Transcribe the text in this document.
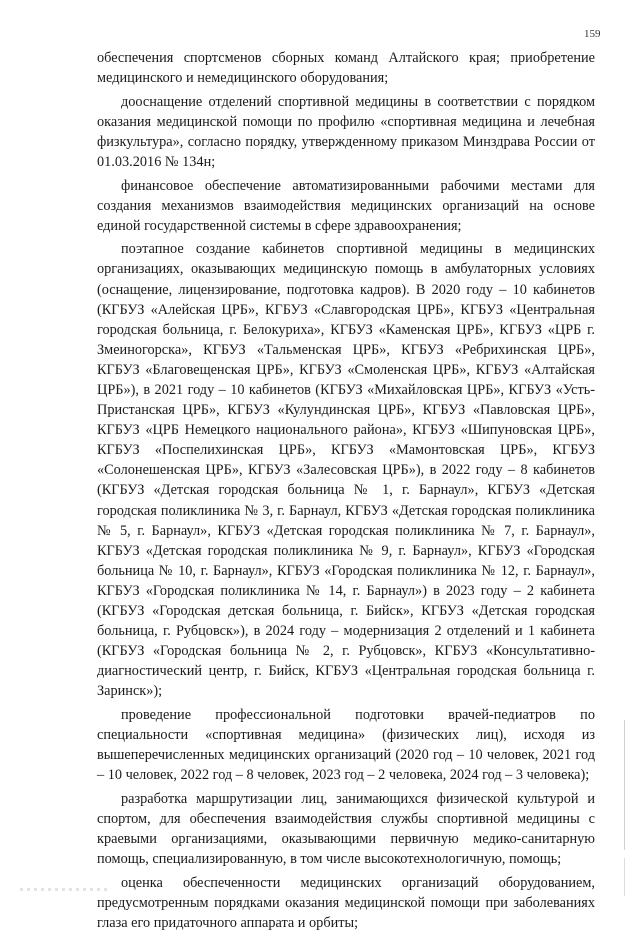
159

обеспечения спортсменов сборных команд Алтайского края; приобретение медицинского и немедицинского оборудования;

дооснащение отделений спортивной медицины в соответствии с порядком оказания медицинской помощи по профилю «спортивная медицина и лечебная физкультура», согласно порядку, утвержденному приказом Минздрава России от 01.03.2016 № 134н;

финансовое обеспечение автоматизированными рабочими местами для создания механизмов взаимодействия медицинских организаций на основе единой государственной системы в сфере здравоохранения;

поэтапное создание кабинетов спортивной медицины в медицинских организациях, оказывающих медицинскую помощь в амбулаторных условиях (оснащение, лицензирование, подготовка кадров). В 2020 году – 10 кабинетов (КГБУЗ «Алейская ЦРБ», КГБУЗ «Славгородская ЦРБ», КГБУЗ «Центральная городская больница, г. Белокуриха», КГБУЗ «Каменская ЦРБ», КГБУЗ «ЦРБ г. Змеиногорска», КГБУЗ «Тальменская ЦРБ», КГБУЗ «Ребрихинская ЦРБ», КГБУЗ «Благовещенская ЦРБ», КГБУЗ «Смоленская ЦРБ», КГБУЗ «Алтайская ЦРБ»), в 2021 году – 10 кабинетов (КГБУЗ «Михайловская ЦРБ», КГБУЗ «Усть-Пристанская ЦРБ», КГБУЗ «Кулундинская ЦРБ», КГБУЗ «Павловская ЦРБ», КГБУЗ «ЦРБ Немецкого национального района», КГБУЗ «Шипуновская ЦРБ», КГБУЗ «Поспелихинская ЦРБ», КГБУЗ «Мамонтовская ЦРБ», КГБУЗ «Солонешенская ЦРБ», КГБУЗ «Залесовская ЦРБ»), в 2022 году – 8 кабинетов (КГБУЗ «Детская городская больница № 1, г. Барнаул», КГБУЗ «Детская городская поликлиника № 3, г. Барнаул, КГБУЗ «Детская городская поликлиника № 5, г. Барнаул», КГБУЗ «Детская городская поликлиника № 7, г. Барнаул», КГБУЗ «Детская городская поликлиника № 9, г. Барнаул», КГБУЗ «Городская больница № 10, г. Барнаул», КГБУЗ «Городская поликлиника № 12, г. Барнаул», КГБУЗ «Городская поликлиника № 14, г. Барнаул») в 2023 году – 2 кабинета (КГБУЗ «Городская детская больница, г. Бийск», КГБУЗ «Детская городская больница, г. Рубцовск»), в 2024 году – модернизация 2 отделений и 1 кабинета (КГБУЗ «Городская больница № 2, г. Рубцовск», КГБУЗ «Консультативно-диагностический центр, г. Бийск, КГБУЗ «Центральная городская больница г. Заринск»);

проведение профессиональной подготовки врачей-педиатров по специальности «спортивная медицина» (физических лиц), исходя из вышеперечисленных медицинских организаций (2020 год – 10 человек, 2021 год – 10 человек, 2022 год – 8 человек, 2023 год – 2 человека, 2024 год – 3 человека);

разработка маршрутизации лиц, занимающихся физической культурой и спортом, для обеспечения взаимодействия службы спортивной медицины с краевыми организациями, оказывающими первичную медико-санитарную помощь, специализированную, в том числе высокотехнологичную, помощь;

оценка обеспеченности медицинских организаций оборудованием, предусмотренным порядками оказания медицинской помощи при заболеваниях глаза его придаточного аппарата и орбиты;
